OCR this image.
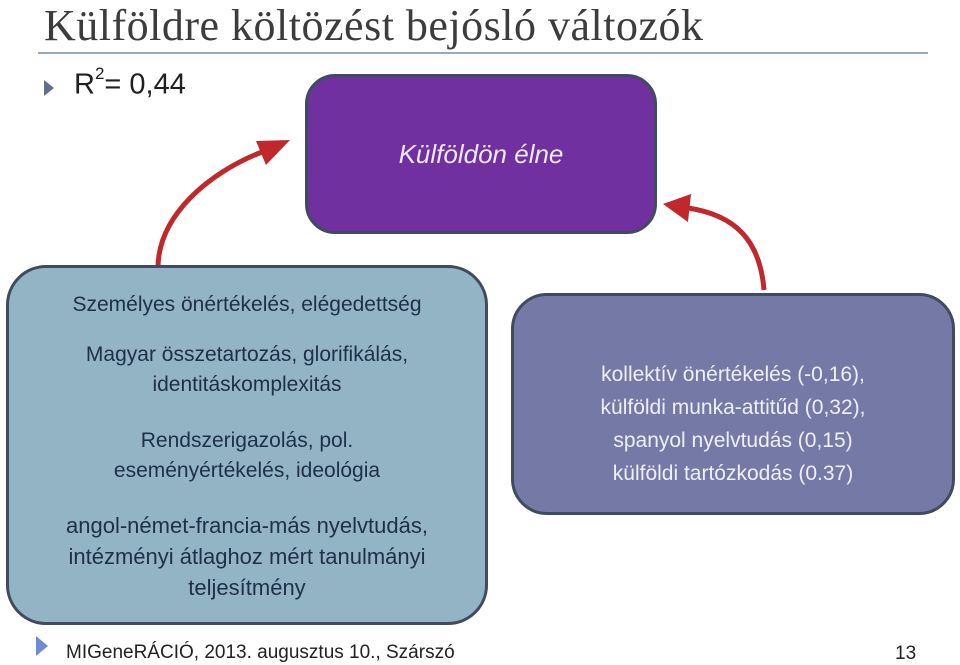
Külföldre költözést bejósló változók
$R^2= 0,44$
Külföldön élne
Személyes önértékelés, elégedettség
Magyar összetartozás, glorifikálás,
identitáskomplexitás
Rendszerigazolás, pol.
eseményértékelés, ideológia
angol-német-francia-más nyelvtudás,
intézményi átlaghoz mért tanulmányi
teljesítmény
kollektív önértékelés (-0,16),
külföldi munka-attitűd (0,32),
spanyol nyelvtudás (0,15)
külföldi tartózkodás (0.37)
MIGeneRÁCIÓ, 2013. augusztus 10., Szárszó	13
